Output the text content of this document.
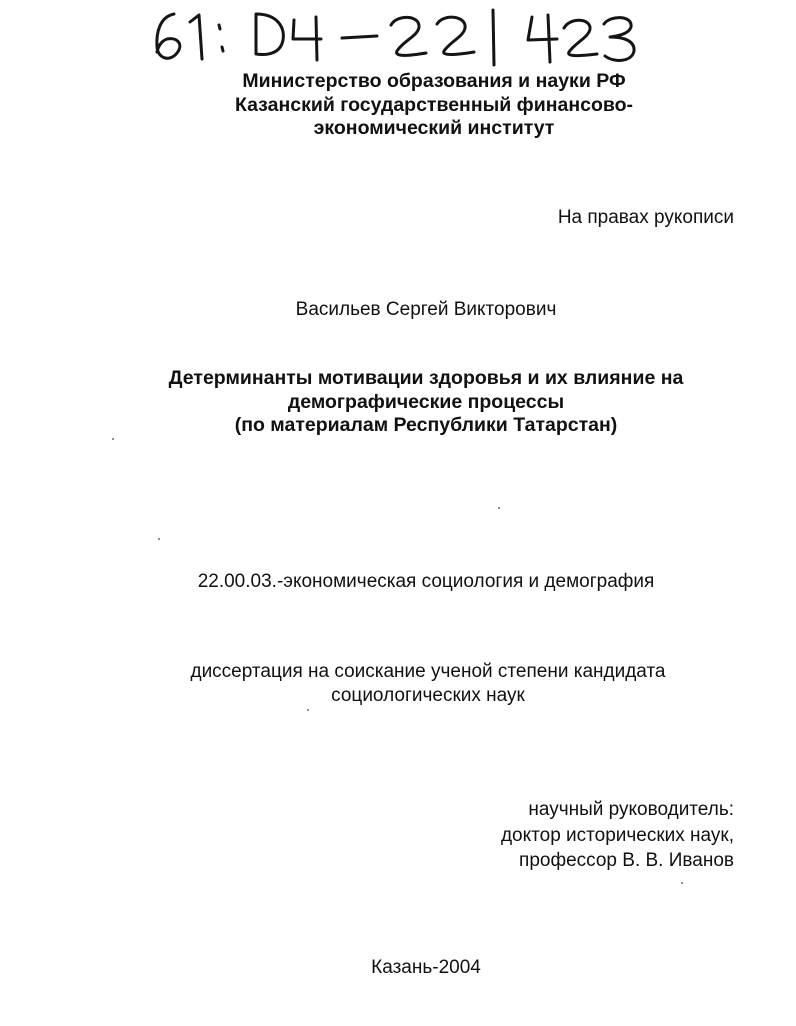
Министерство образования и науки РФ
Казанский государственный финансово-
экономический институт
На правах рукописи
Васильев Сергей Викторович
Детерминанты мотивации здоровья и их влияние на
демографические процессы
(по материалам Республики Татарстан)
22.00.03.-экономическая социология и демография
диссертация на соискание ученой степени кандидата
социологических наук
научный руководитель:
доктор исторических наук,
профессор В. В. Иванов
Казань-2004
